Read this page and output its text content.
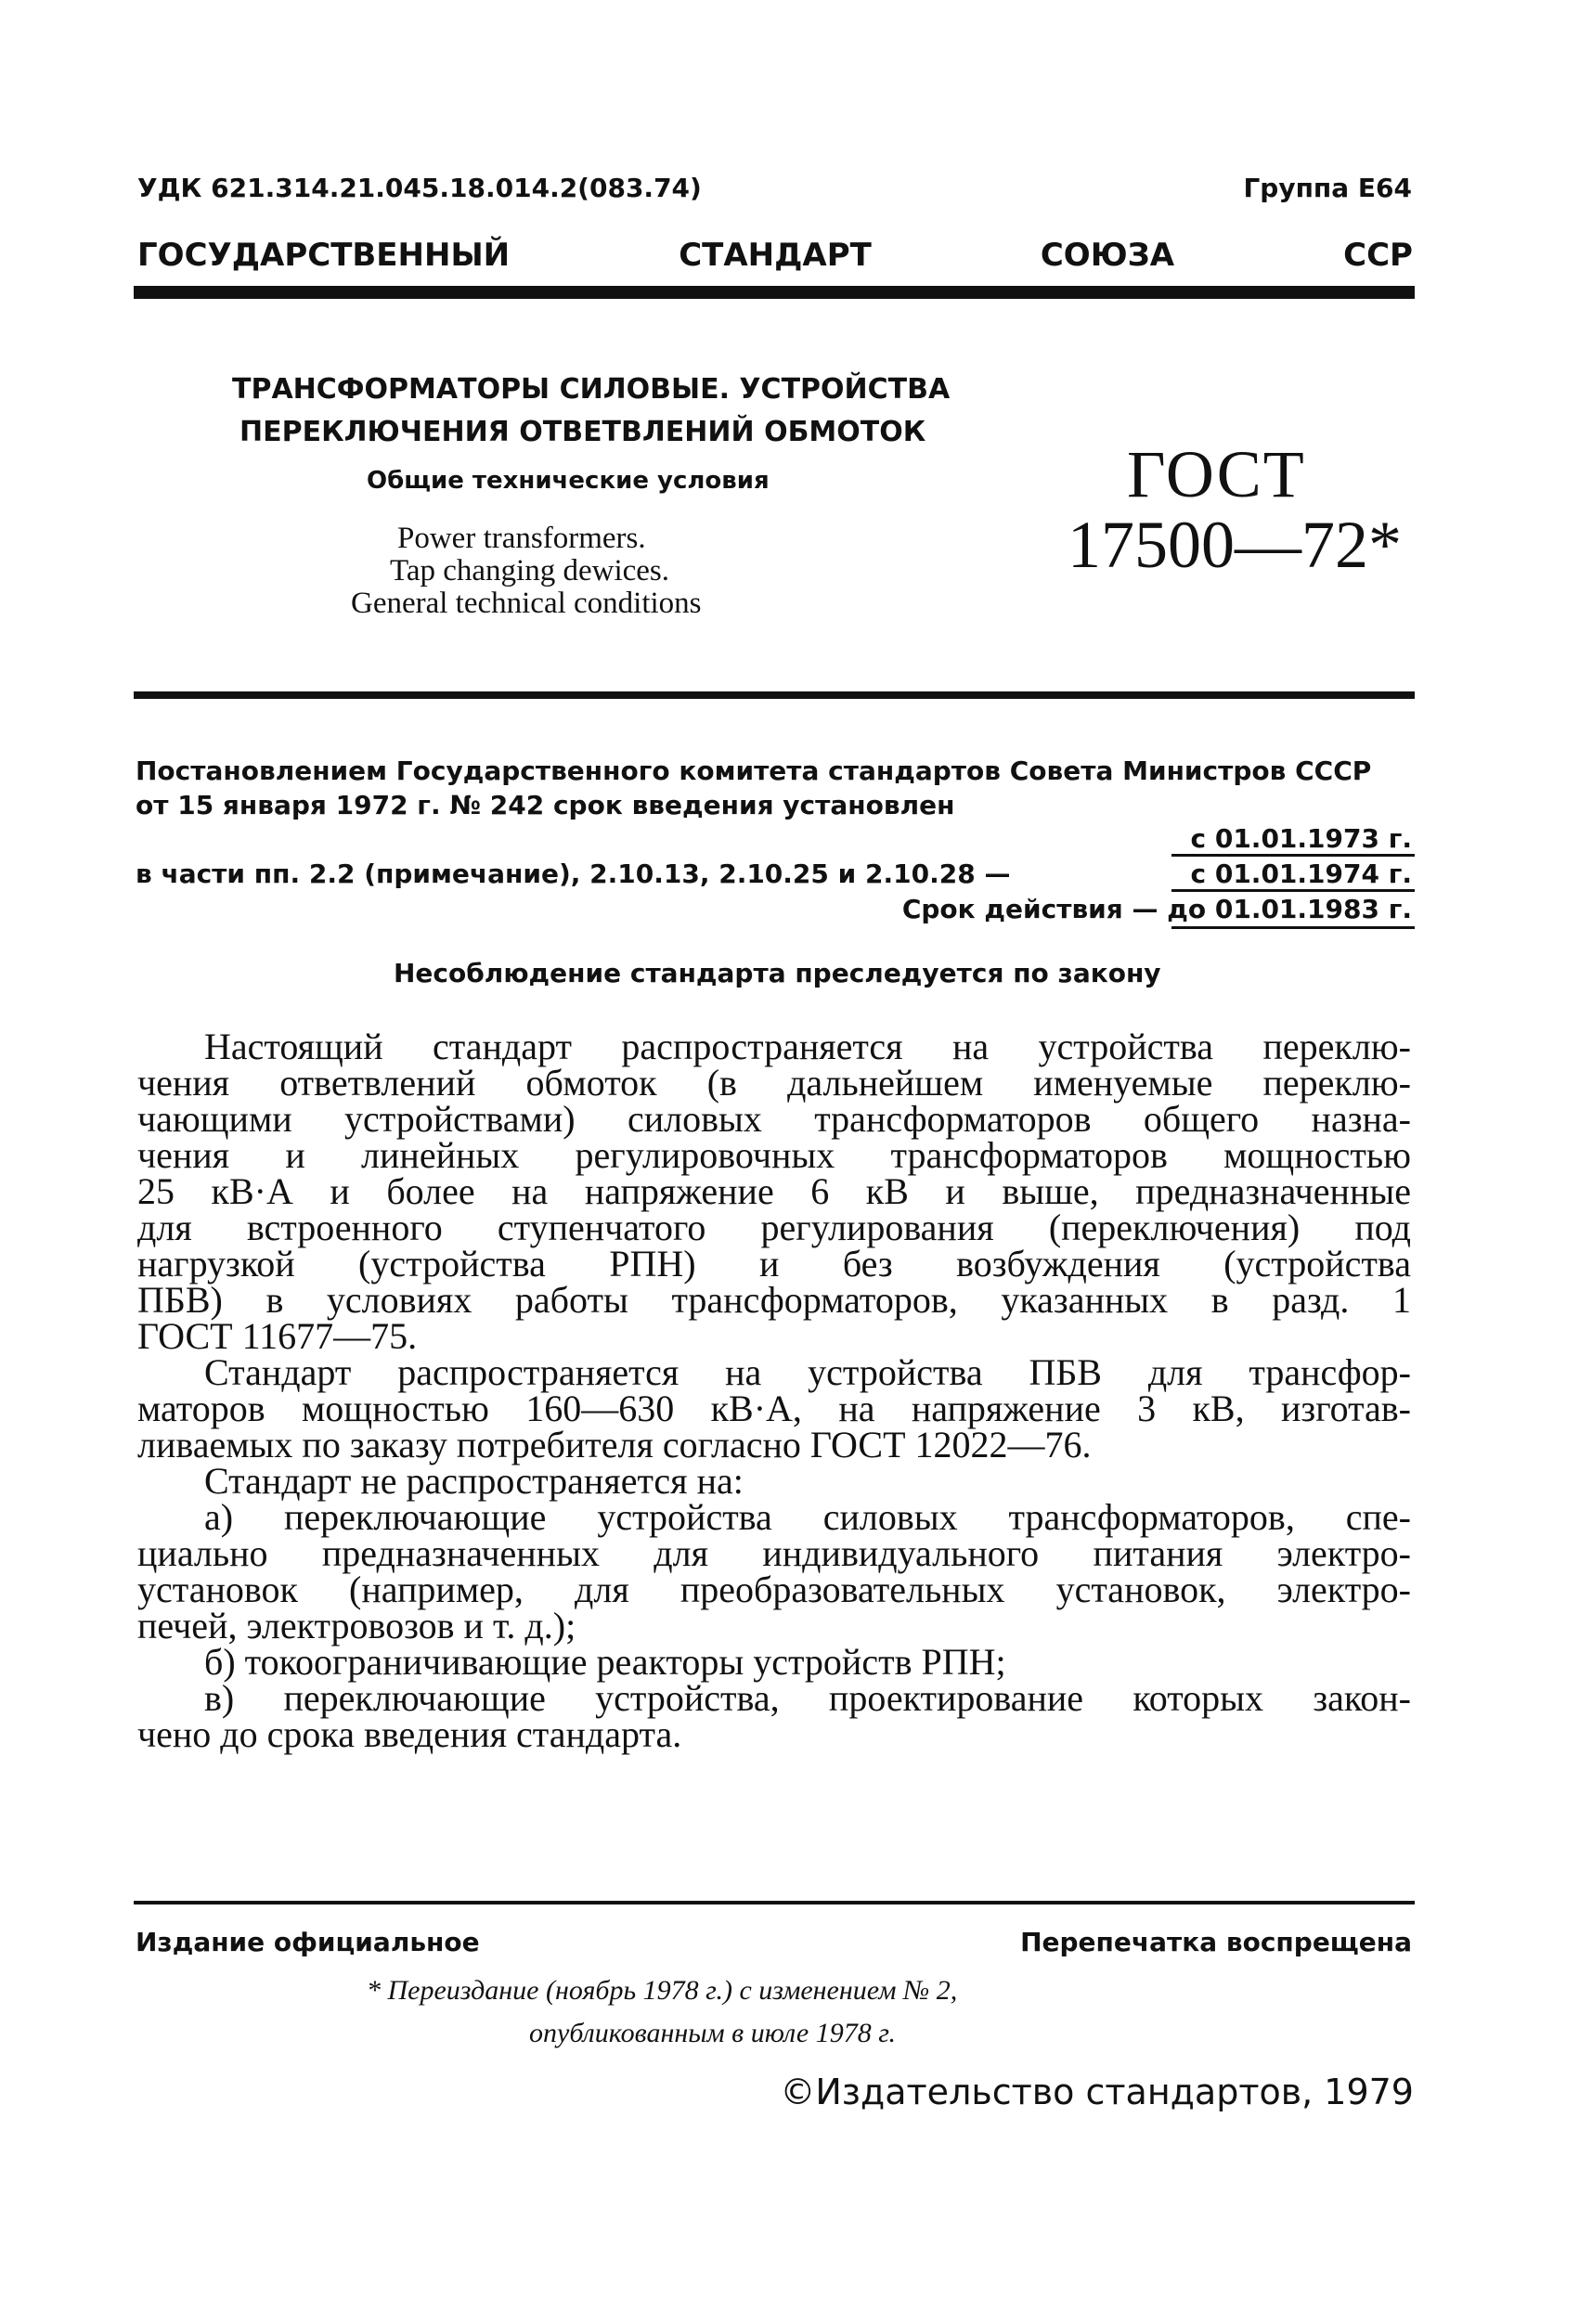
УДК 621.314.21.045.18.014.2(083.74)	Группа Е64
ГОСУДАРСТВЕННЫЙ	СТАНДАРТ	СОЮЗА	ССР
ТРАНСФОРМАТОРЫ СИЛОВЫЕ. УСТРОЙСТВА
ПЕРЕКЛЮЧЕНИЯ ОТВЕТВЛЕНИЙ ОБМОТОК
Общие технические условия
Power transformers.
Tap changing dewices.
General technical conditions
ГОСТ
17500—72*
Постановлением Государственного комитета стандартов Совета Министров СССР
от 15 января 1972 г. № 242 срок введения установлен
с 01.01.1973 г.
в части пп. 2.2 (примечание), 2.10.13, 2.10.25 и 2.10.28 —	с 01.01.1974 г.
Срок действия — до 01.01.1983 г.
Несоблюдение стандарта преследуется по закону
Настоящий стандарт распространяется на устройства переклю-
чения ответвлений обмоток (в дальнейшем именуемые переклю-
чающими устройствами) силовых трансформаторов общего назна-
чения и линейных регулировочных трансформаторов мощностью
25 кВ·А и более на напряжение 6 кВ и выше, предназначенные
для встроенного ступенчатого регулирования (переключения) под
нагрузкой (устройства РПН) и без возбуждения (устройства
ПБВ) в условиях работы трансформаторов, указанных в разд. 1
ГОСТ 11677—75.
Стандарт распространяется на устройства ПБВ для трансфор-
маторов мощностью 160—630 кВ·А, на напряжение 3 кВ, изготав-
ливаемых по заказу потребителя согласно ГОСТ 12022—76.
Стандарт не распространяется на:
а) переключающие устройства силовых трансформаторов, спе-
циально предназначенных для индивидуального питания электро-
установок (например, для преобразовательных установок, электро-
печей, электровозов и т. д.);
б) токоограничивающие реакторы устройств РПН;
в) переключающие устройства, проектирование которых закон-
чено до срока введения стандарта.
Издание официальное	Перепечатка воспрещена
* Переиздание (ноябрь 1978 г.) с изменением № 2,
опубликованным в июле 1978 г.
©Издательство стандартов, 1979
